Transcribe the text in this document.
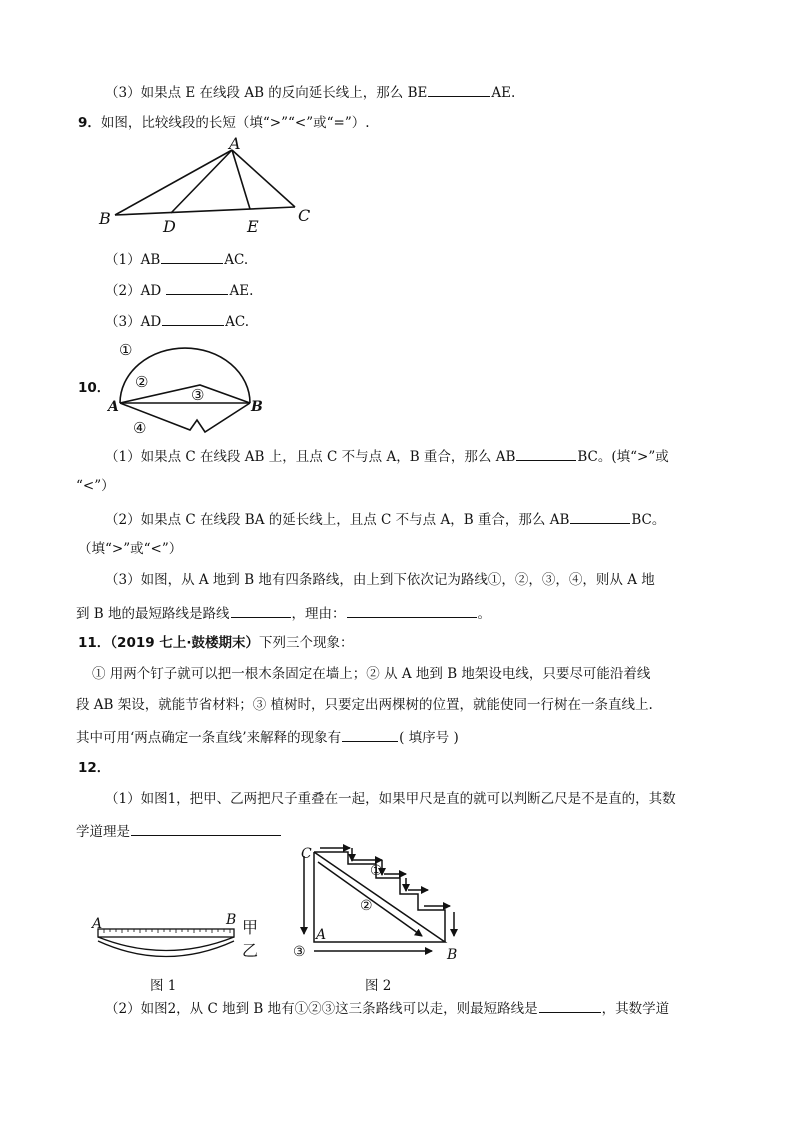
（3）如果点 E 在线段 AB 的反向延长线上，那么 BE	AE.
9．如图，比较线段的长短（填“>”“<”或“=”）.
A
B	C
D	E
（1）AB	AC.
（2）AD	AE.
（3）AD	AC.
10．
①
②
③
④
A	B
（1）如果点 C 在线段 AB 上，且点 C 不与点 A，B 重合，那么 AB	BC。(填“>”或
“<”）
（2）如果点 C 在线段 BA 的延长线上，且点 C 不与点 A，B 重合，那么 AB	BC。
（填“>”或“<”）
（3）如图，从 A 地到 B 地有四条路线，由上到下依次记为路线①，②，③，④，则从 A 地
到 B 地的最短路线是路线	，理由：	。
11．（2019 七上·鼓楼期末）下列三个现象：
① 用两个钉子就可以把一根木条固定在墙上；② 从 A 地到 B 地架设电线，只要尽可能沿着线
段 AB 架设，就能节省材料；③ 植树时，只要定出两棵树的位置，就能使同一行树在一条直线上.
其中可用‘两点确定一条直线’来解释的现象有	( 填序号 )
12．
（1）如图1，把甲、乙两把尺子重叠在一起，如果甲尺是直的就可以判断乙尺是不是直的，其数
学道理是
A	B 甲
乙
图 1
C
A
B
①
②
③
图 2
（2）如图2，从 C 地到 B 地有①②③这三条路线可以走，则最短路线是	，其数学道
